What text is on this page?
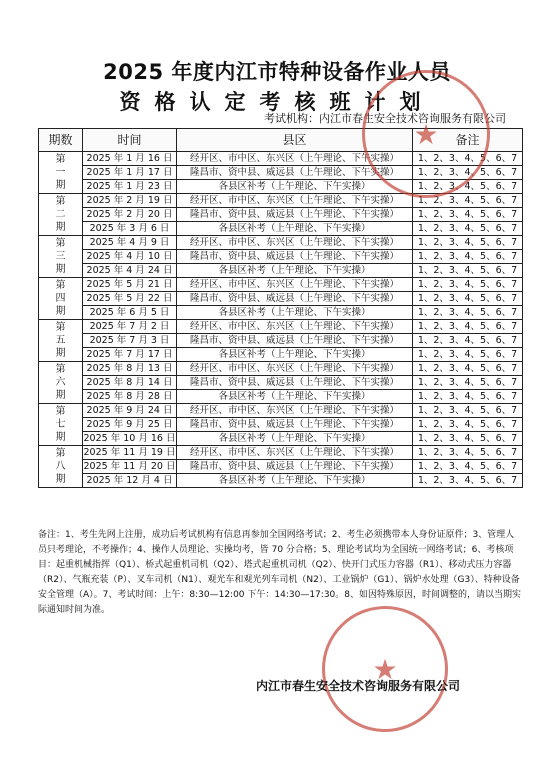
2025 年度内江市特种设备作业人员
资格认定考核班计划
考试机构：内江市春生安全技术咨询服务有限公司
期数	时间	县区	备注

第
一
期	2025 年 1 月 16 日	经开区、市中区、东兴区（上午理论、下午实操）	1、2、3、4、5、6、7
	2025 年 1 月 17 日	隆昌市、资中县、威远县（上午理论、下午实操）	1、2、3、4、5、6、7
	2025 年 1 月 23 日	各县区补考（上午理论、下午实操）	1、2、3、4、5、6、7

第
二
期	2025 年 2 月 19 日	经开区、市中区、东兴区（上午理论、下午实操）	1、2、3、4、5、6、7
	2025 年 2 月 20 日	隆昌市、资中县、威远县（上午理论、下午实操）	1、2、3、4、5、6、7
	2025 年 3 月 6 日	各县区补考（上午理论、下午实操）	1、2、3、4、5、6、7

第
三
期	2025 年 4 月 9 日	经开区、市中区、东兴区（上午理论、下午实操）	1、2、3、4、5、6、7
	2025 年 4 月 10 日	隆昌市、资中县、威远县（上午理论、下午实操）	1、2、3、4、5、6、7
	2025 年 4 月 24 日	各县区补考（上午理论、下午实操）	1、2、3、4、5、6、7

第
四
期	2025 年 5 月 21 日	经开区、市中区、东兴区（上午理论、下午实操）	1、2、3、4、5、6、7
	2025 年 5 月 22 日	隆昌市、资中县、威远县（上午理论、下午实操）	1、2、3、4、5、6、7
	2025 年 6 月 5 日	各县区补考（上午理论、下午实操）	1、2、3、4、5、6、7

第
五
期	2025 年 7 月 2 日	经开区、市中区、东兴区（上午理论、下午实操）	1、2、3、4、5、6、7
	2025 年 7 月 3 日	隆昌市、资中县、威远县（上午理论、下午实操）	1、2、3、4、5、6、7
	2025 年 7 月 17 日	各县区补考（上午理论、下午实操）	1、2、3、4、5、6、7

第
六
期	2025 年 8 月 13 日	经开区、市中区、东兴区（上午理论、下午实操）	1、2、3、4、5、6、7
	2025 年 8 月 14 日	隆昌市、资中县、威远县（上午理论、下午实操）	1、2、3、4、5、6、7
	2025 年 8 月 28 日	各县区补考（上午理论、下午实操）	1、2、3、4、5、6、7

第
七
期	2025 年 9 月 24 日	经开区、市中区、东兴区（上午理论、下午实操）	1、2、3、4、5、6、7
	2025 年 9 月 25 日	隆昌市、资中县、威远县（上午理论、下午实操）	1、2、3、4、5、6、7
	2025 年 10 月 16 日	各县区补考（上午理论、下午实操）	1、2、3、4、5、6、7

第
八
期	2025 年 11 月 19 日	经开区、市中区、东兴区（上午理论、下午实操）	1、2、3、4、5、6、7
	2025 年 11 月 20 日	隆昌市、资中县、威远县（上午理论、下午实操）	1、2、3、4、5、6、7
	2025 年 12 月 4 日	各县区补考（上午理论、下午实操）	1、2、3、4、5、6、7
备注：1、考生先网上注册，成功后考试机构有信息再参加全国网络考试；2、考生必须携带本人身份证原件；3、管理人员只考理论，不考操作；4、操作人员理论、实操均考，皆 70 分合格；5、理论考试均为全国统一网络考试；6、考核项目：起重机械指挥（Q1）、桥式起重机司机（Q2）、塔式起重机司机（Q2）、快开门式压力容器（R1）、移动式压力容器（R2）、气瓶充装（P）、叉车司机（N1）、观光车和观光列车司机（N2）、工业锅炉（G1）、锅炉水处理（G3）、特种设备安全管理（A）。7、考试时间：上午：8:30—12:00 下午：14:30—17:30。8、如因特殊原因，时间调整的，请以当期实际通知时间为准。
★
★
内江市春生安全技术咨询服务有限公司
